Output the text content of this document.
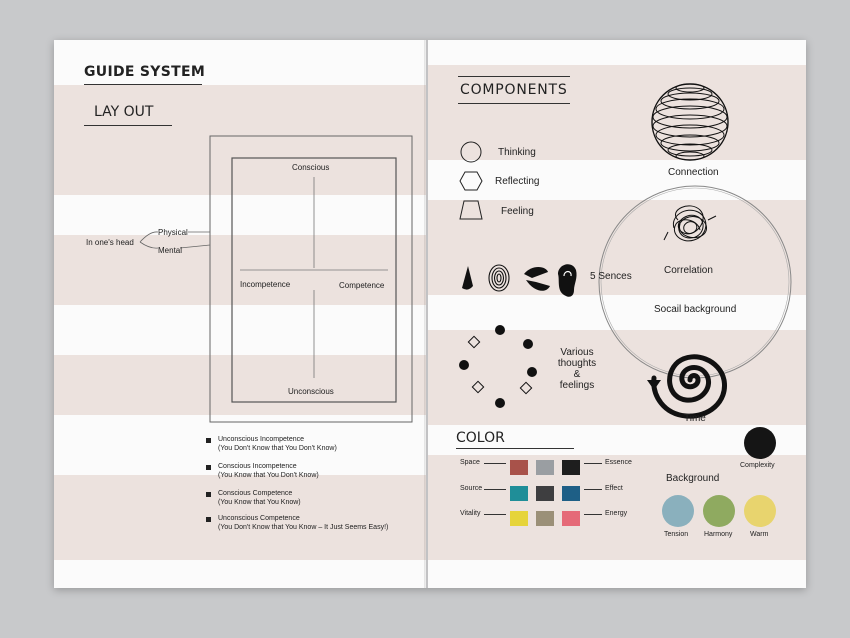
GUIDE SYSTEM
LAY OUT
Conscious
Incompetence	Competence
Unconscious
In one's head
Physical
Mental
Unconscious Incompetence
(You Don't Know that You Don't Know)
Conscious Incompetence
(You Know that You Don't Know)
Conscious Competence
(You Know that You Know)
Unconscious Competence
(You Don't Know that You Know – It Just Seems Easy!)
COMPONENTS
Thinking
Reflecting
Feeling
Connection
Correlation
5 Sences
Socail background
Various
thoughts
&
feelings
Time
COLOR
Space	Essence
Source	Effect
Vitality	Energy
Complexity
Background
Tension Harmony	Warm
